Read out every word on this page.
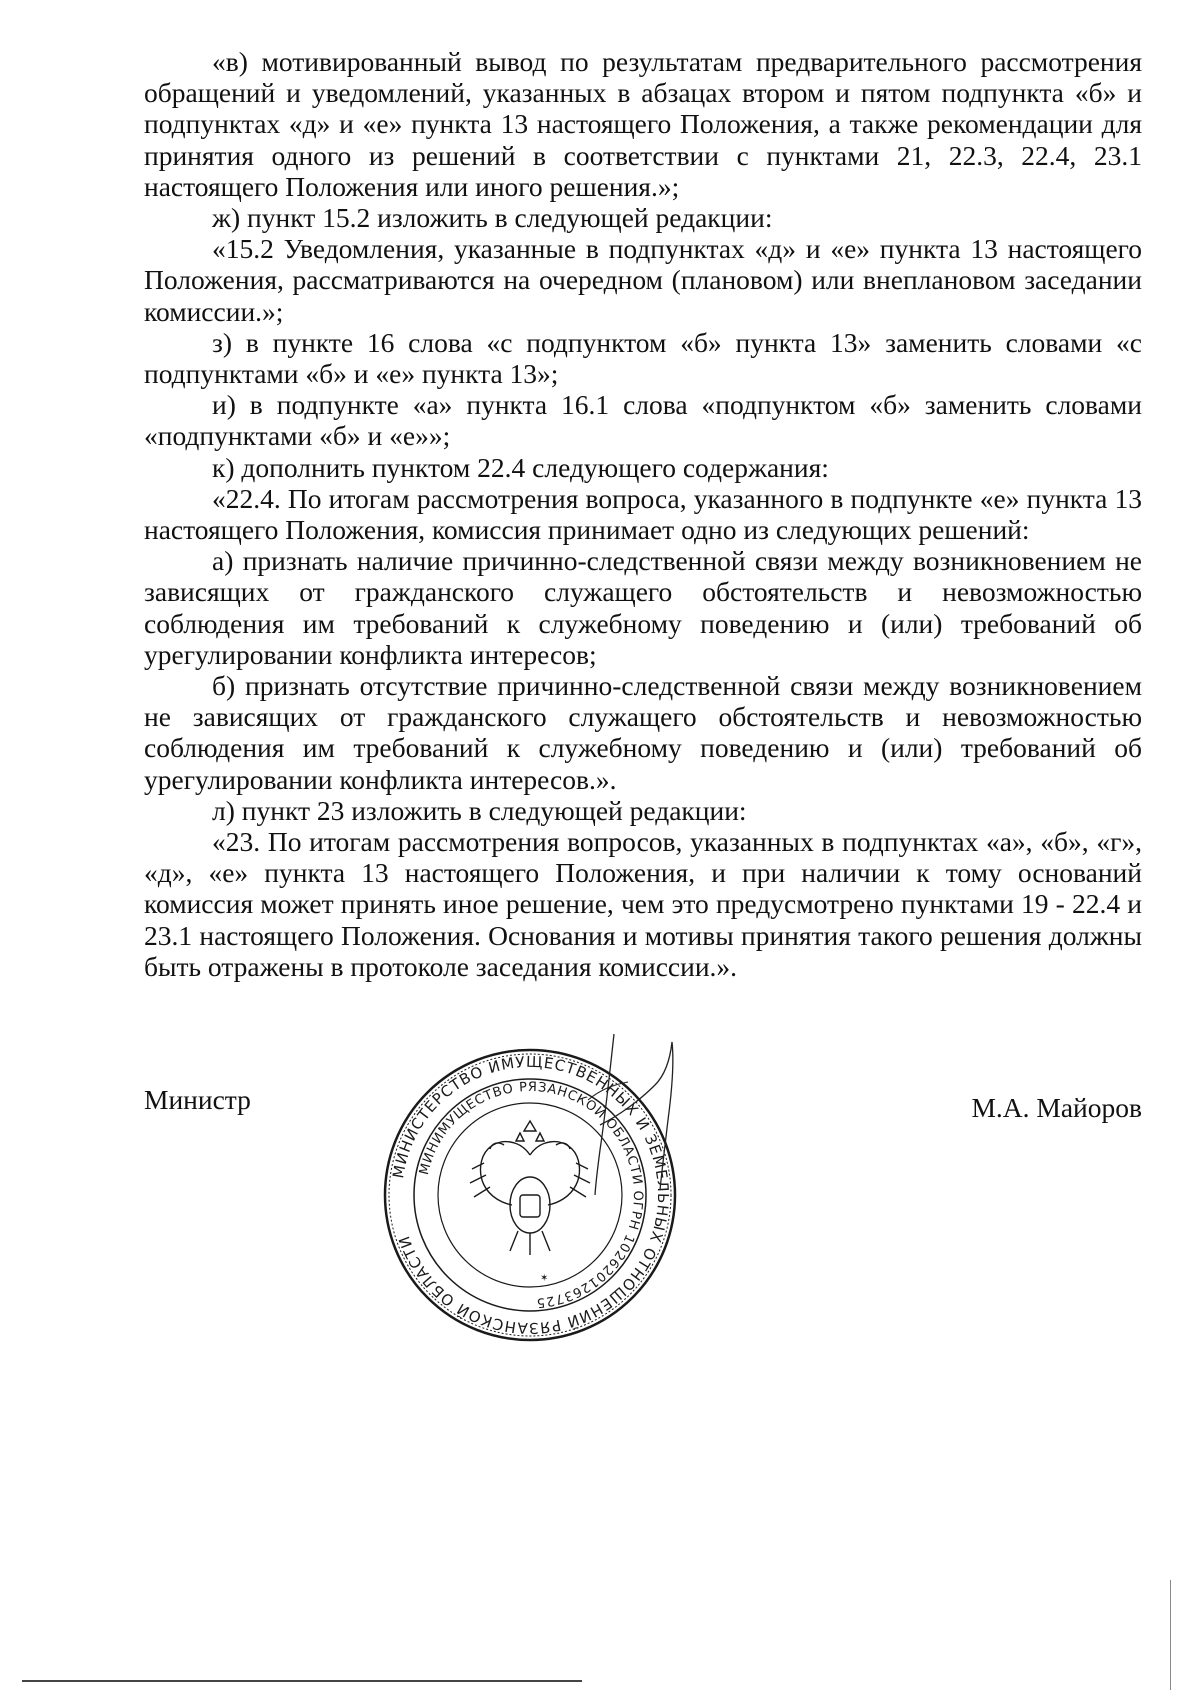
«в) мотивированный вывод по результатам предварительного рассмотрения обращений и уведомлений, указанных в абзацах втором и пятом подпункта «б» и подпунктах «д» и «е» пункта 13 настоящего Положения, а также рекомендации для принятия одного из решений в соответствии с пунктами 21, 22.3, 22.4, 23.1 настоящего Положения или иного решения.»;

ж) пункт 15.2 изложить в следующей редакции:

«15.2 Уведомления, указанные в подпунктах «д» и «е» пункта 13 настоящего Положения, рассматриваются на очередном (плановом) или внеплановом заседании комиссии.»;

з) в пункте 16 слова «с подпунктом «б» пункта 13» заменить словами «с подпунктами «б» и «е» пункта 13»;

и) в подпункте «а» пункта 16.1 слова «подпунктом «б» заменить словами «подпунктами «б» и «е»»;

к) дополнить пунктом 22.4 следующего содержания:

«22.4. По итогам рассмотрения вопроса, указанного в подпункте «е» пункта 13 настоящего Положения, комиссия принимает одно из следующих решений:

а) признать наличие причинно-следственной связи между возникновением не зависящих от гражданского служащего обстоятельств и невозможностью соблюдения им требований к служебному поведению и (или) требований об урегулировании конфликта интересов;

б) признать отсутствие причинно-следственной связи между возникновением не зависящих от гражданского служащего обстоятельств и невозможностью соблюдения им требований к служебному поведению и (или) требований об урегулировании конфликта интересов.».

л) пункт 23 изложить в следующей редакции:

«23. По итогам рассмотрения вопросов, указанных в подпунктах «а», «б», «г», «д», «е» пункта 13 настоящего Положения, и при наличии к тому оснований комиссия может принять иное решение, чем это предусмотрено пунктами 19 - 22.4 и 23.1 настоящего Положения. Основания и мотивы принятия такого решения должны быть отражены в протоколе заседания комиссии.».

Министр	М.А. Майоров
МИНИСТЕРСТВО ИМУЩЕСТВЕННЫХ И ЗЕМЕЛЬНЫХ ОТНОШЕНИЙ РЯЗАНСКОЙ ОБЛАСТИ
МИНИМУЩЕСТВО РЯЗАНСКОЙ ОБЛАСТИ ОГРН 1026201263725
✶
